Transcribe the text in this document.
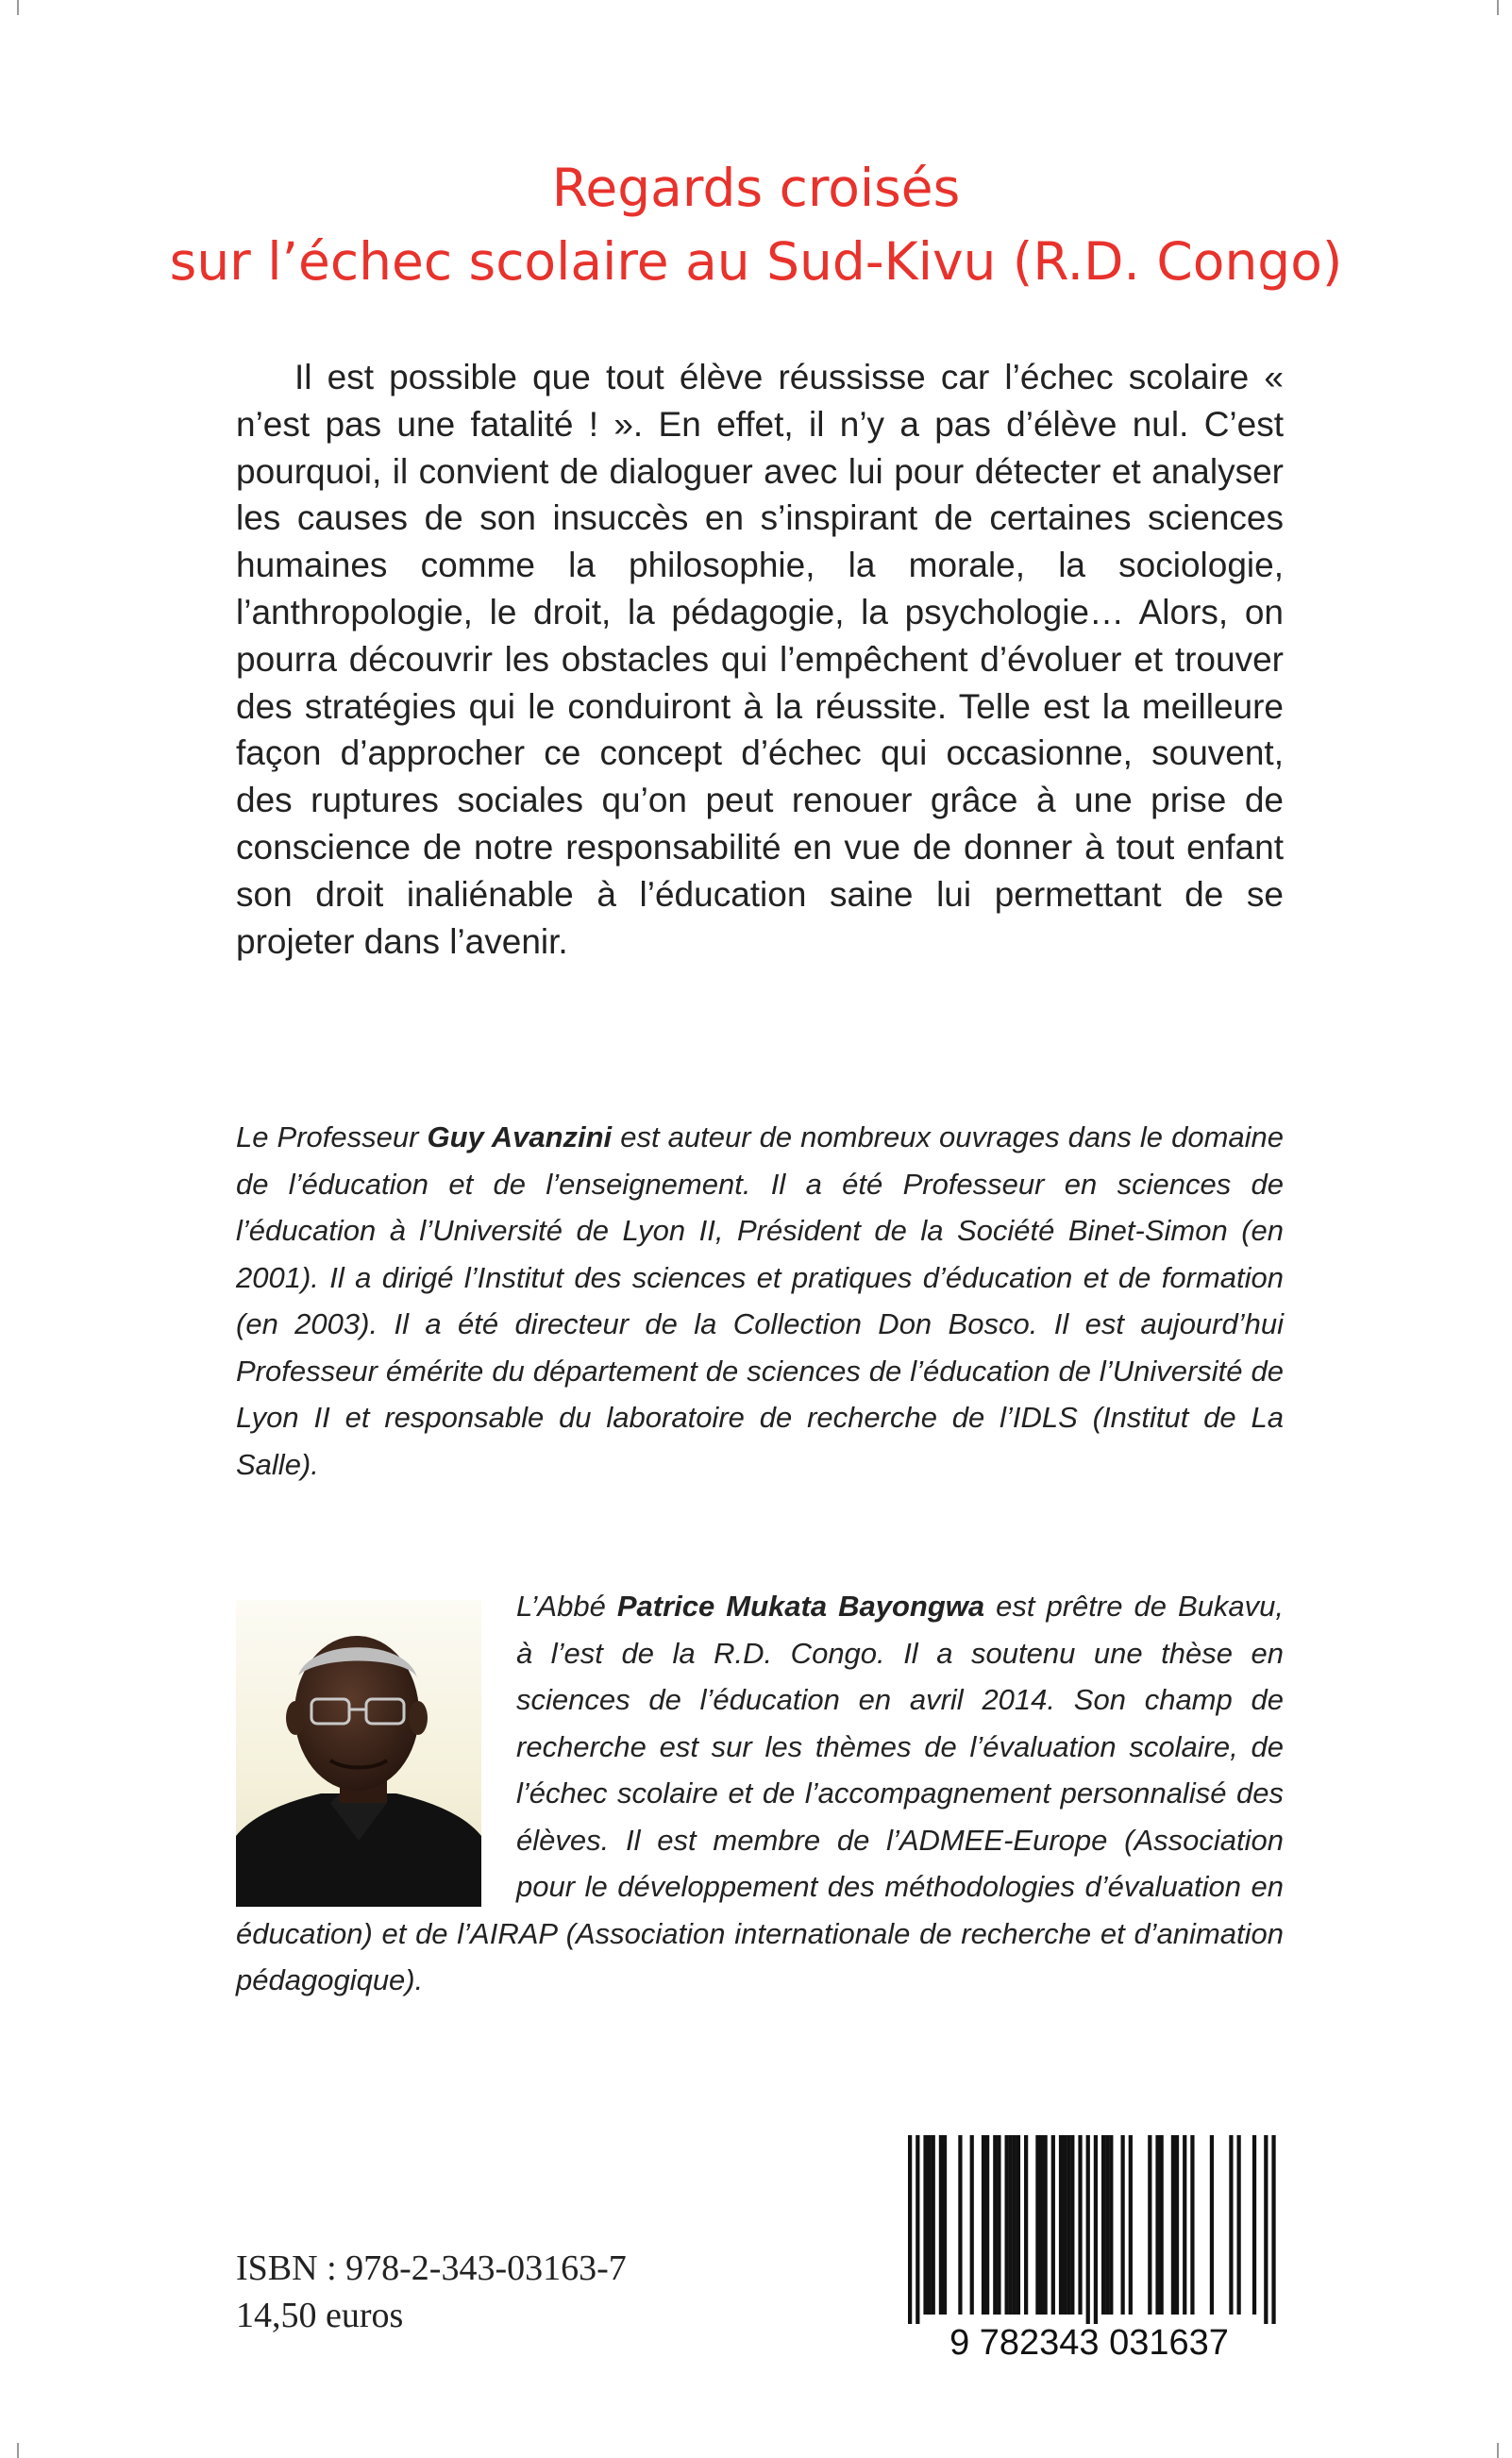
Regards croisés
sur l’échec scolaire au Sud-Kivu (R.D. Congo)

Il est possible que tout élève réussisse car l’échec scolaire « n’est pas une fatalité ! ». En effet, il n’y a pas d’élève nul. C’est pourquoi, il convient de dialoguer avec lui pour détecter et analyser les causes de son insuccès en s’inspirant de certaines sciences humaines comme la philosophie, la morale, la sociologie, l’anthropologie, le droit, la pédagogie, la psychologie… Alors, on pourra découvrir les obstacles qui l’empêchent d’évoluer et trouver des stratégies qui le conduiront à la réussite. Telle est la meilleure façon d’approcher ce concept d’échec qui occasionne, souvent, des ruptures sociales qu’on peut renouer grâce à une prise de conscience de notre responsabilité en vue de donner à tout enfant son droit inaliénable à l’éducation saine lui permettant de se projeter dans l’avenir.

Le Professeur Guy Avanzini est auteur de nombreux ouvrages dans le domaine de l’éducation et de l’enseignement. Il a été Professeur en sciences de l’éducation à l’Université de Lyon II, Président de la Société Binet-Simon (en 2001). Il a dirigé l’Institut des sciences et pratiques d’éducation et de formation (en 2003). Il a été directeur de la Collection Don Bosco. Il est aujourd’hui Professeur émérite du département de sciences de l’éducation de l’Université de Lyon II et responsable du laboratoire de recherche de l’IDLS (Institut de La Salle).

L’Abbé Patrice Mukata Bayongwa est prêtre de Bukavu, à l’est de la R.D. Congo. Il a soutenu une thèse en sciences de l’éducation en avril 2014. Son champ de recherche est sur les thèmes de l’évaluation scolaire, de l’échec scolaire et de l’accompagnement personnalisé des élèves. Il est membre de l’ADMEE-Europe (Association pour le développement des méthodologies d’évaluation en éducation) et de l’AIRAP (Association internationale de recherche et d’animation pédagogique).

ISBN : 978-2-343-03163-7
14,50 euros
9 782343 031637
